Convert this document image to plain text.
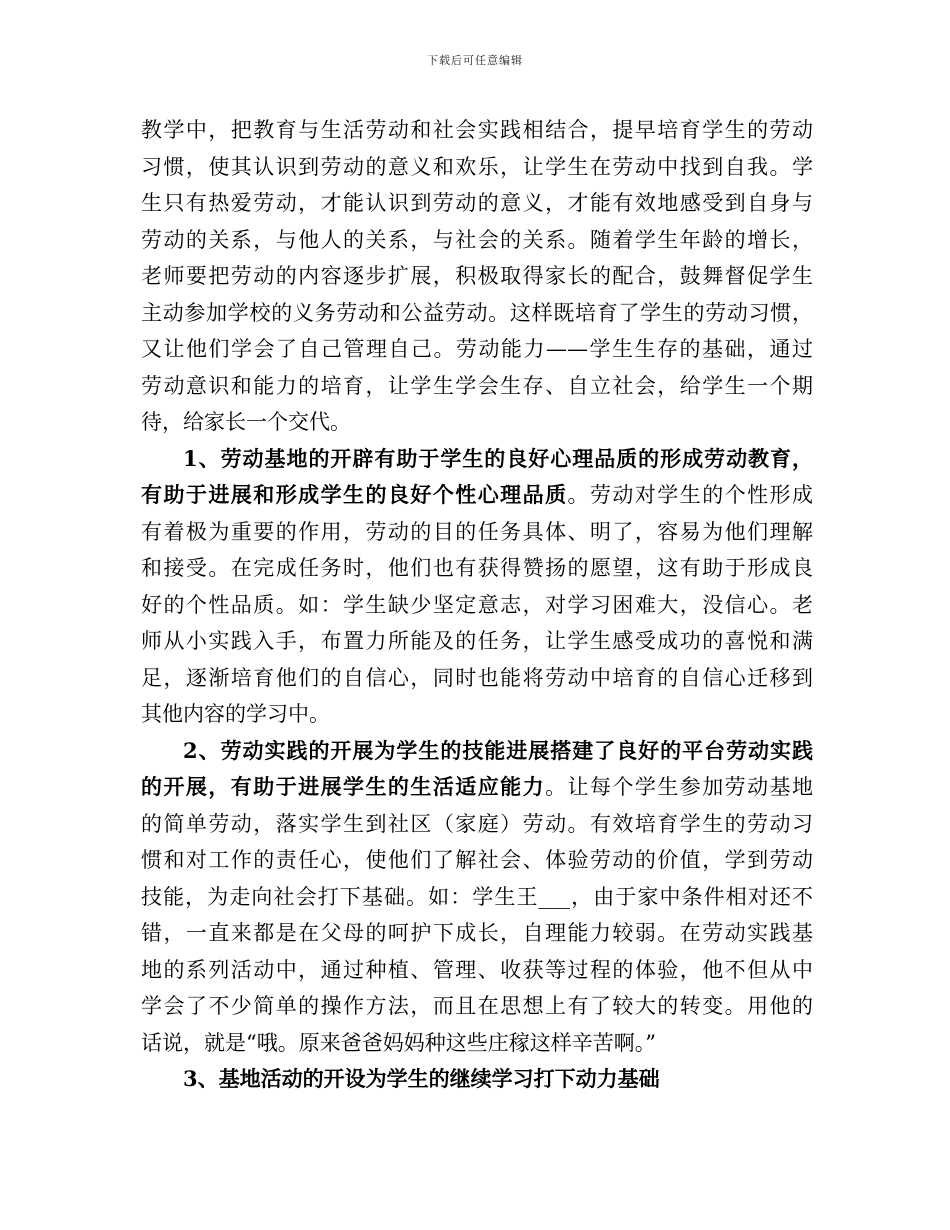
下载后可任意编辑
教学中，把教育与生活劳动和社会实践相结合，提早培育学生的劳动
习惯，使其认识到劳动的意义和欢乐，让学生在劳动中找到自我。学
生只有热爱劳动，才能认识到劳动的意义，才能有效地感受到自身与
劳动的关系，与他人的关系，与社会的关系。随着学生年龄的增长，
老师要把劳动的内容逐步扩展，积极取得家长的配合，鼓舞督促学生
主动参加学校的义务劳动和公益劳动。这样既培育了学生的劳动习惯，
又让他们学会了自己管理自己。劳动能力——学生生存的基础，通过
劳动意识和能力的培育，让学生学会生存、自立社会，给学生一个期
待，给家长一个交代。
1、劳动基地的开辟有助于学生的良好心理品质的形成劳动教育，
有助于进展和形成学生的良好个性心理品质。劳动对学生的个性形成
有着极为重要的作用，劳动的目的任务具体、明了，容易为他们理解
和接受。在完成任务时，他们也有获得赞扬的愿望，这有助于形成良
好的个性品质。如：学生缺少坚定意志，对学习困难大，没信心。老
师从小实践入手，布置力所能及的任务，让学生感受成功的喜悦和满
足，逐渐培育他们的自信心，同时也能将劳动中培育的自信心迁移到
其他内容的学习中。
2、劳动实践的开展为学生的技能进展搭建了良好的平台劳动实践
的开展，有助于进展学生的生活适应能力。让每个学生参加劳动基地
的简单劳动，落实学生到社区（家庭）劳动。有效培育学生的劳动习
惯和对工作的责任心，使他们了解社会、体验劳动的价值，学到劳动
技能，为走向社会打下基础。如：学生王___，由于家中条件相对还不
错，一直来都是在父母的呵护下成长，自理能力较弱。在劳动实践基
地的系列活动中，通过种植、管理、收获等过程的体验，他不但从中
学会了不少简单的操作方法，而且在思想上有了较大的转变。用他的
话说，就是“哦。原来爸爸妈妈种这些庄稼这样辛苦啊。”
3、基地活动的开设为学生的继续学习打下动力基础
